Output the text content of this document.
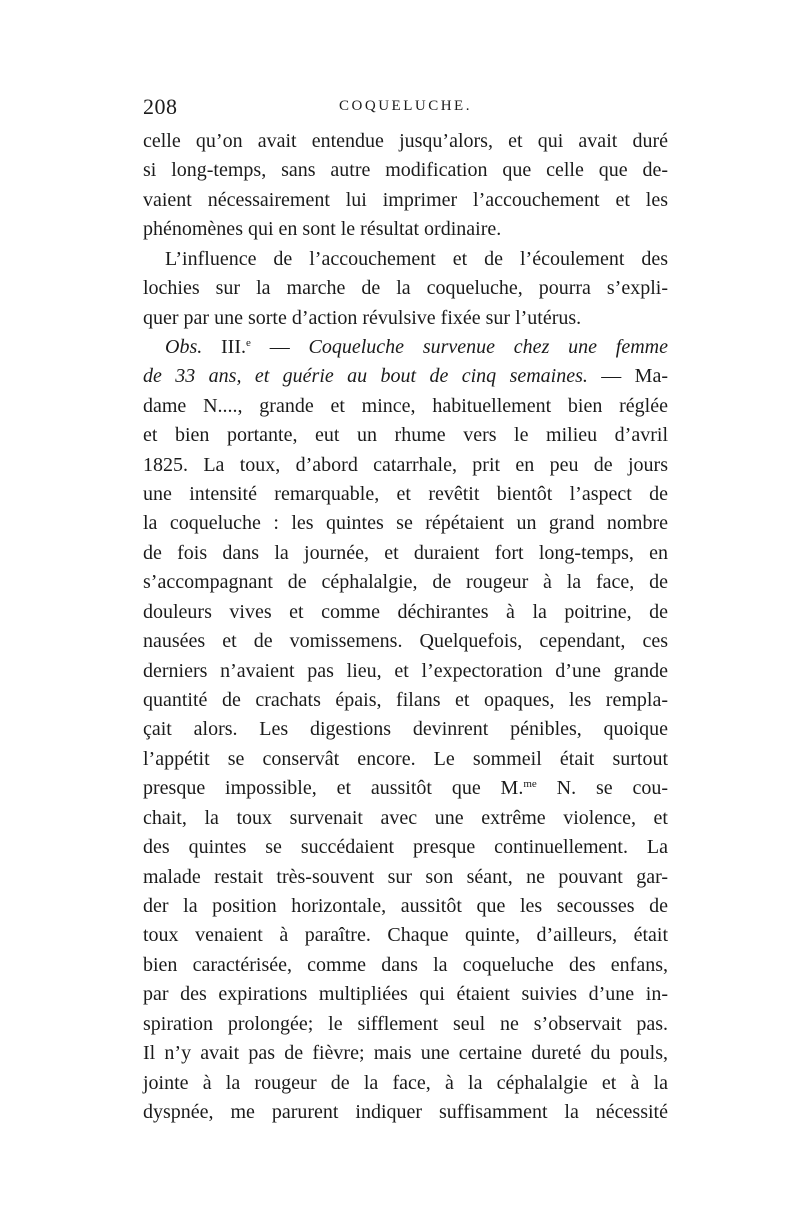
208	COQUELUCHE.
celle qu’on avait entendue jusqu’alors, et qui avait duré
si long-temps, sans autre modification que celle que de-
vaient nécessairement lui imprimer l’accouchement et les
phénomènes qui en sont le résultat ordinaire.
L’influence de l’accouchement et de l’écoulement des
lochies sur la marche de la coqueluche, pourra s’expli-
quer par une sorte d’action révulsive fixée sur l’utérus.
Obs. III.$^e$ — Coqueluche survenue chez une femme
de 33 ans, et guérie au bout de cinq semaines. — Ma-
dame N...., grande et mince, habituellement bien réglée
et bien portante, eut un rhume vers le milieu d’avril
1825. La toux, d’abord catarrhale, prit en peu de jours
une intensité remarquable, et revêtit bientôt l’aspect de
la coqueluche : les quintes se répétaient un grand nombre
de fois dans la journée, et duraient fort long-temps, en
s’accompagnant de céphalalgie, de rougeur à la face, de
douleurs vives et comme déchirantes à la poitrine, de
nausées et de vomissemens. Quelquefois, cependant, ces
derniers n’avaient pas lieu, et l’expectoration d’une grande
quantité de crachats épais, filans et opaques, les rempla-
çait alors. Les digestions devinrent pénibles, quoique
l’appétit se conservât encore. Le sommeil était surtout
presque impossible, et aussitôt que M.$^{me}$ N. se cou-
chait, la toux survenait avec une extrême violence, et
des quintes se succédaient presque continuellement. La
malade restait très-souvent sur son séant, ne pouvant gar-
der la position horizontale, aussitôt que les secousses de
toux venaient à paraître. Chaque quinte, d’ailleurs, était
bien caractérisée, comme dans la coqueluche des enfans,
par des expirations multipliées qui étaient suivies d’une in-
spiration prolongée; le sifflement seul ne s’observait pas.
Il n’y avait pas de fièvre; mais une certaine dureté du pouls,
jointe à la rougeur de la face, à la céphalalgie et à la
dyspnée, me parurent indiquer suffisamment la nécessité
